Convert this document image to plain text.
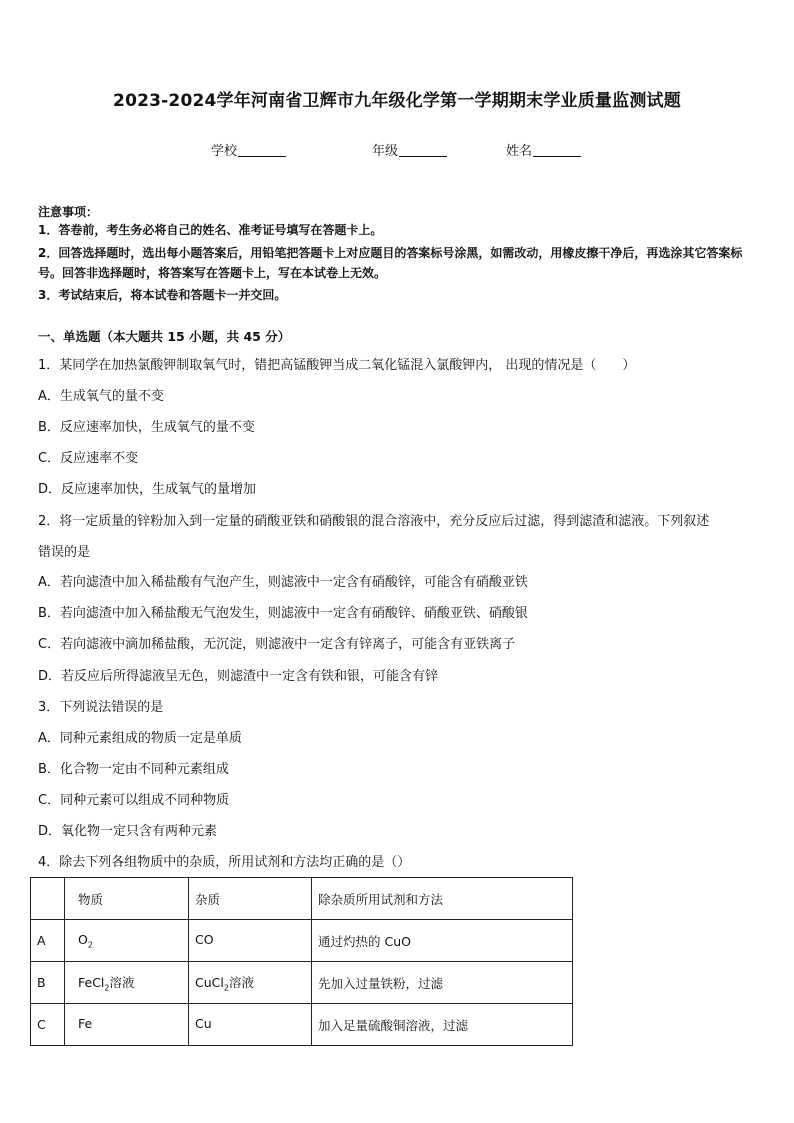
2023-2024学年河南省卫辉市九年级化学第一学期期末学业质量监测试题
学校	年级	姓名
注意事项：
1．答卷前，考生务必将自己的姓名、准考证号填写在答题卡上。
2．回答选择题时，选出每小题答案后，用铅笔把答题卡上对应题目的答案标号涂黑，如需改动，用橡皮擦干净后，再选涂其它答案标号。回答非选择题时，将答案写在答题卡上，写在本试卷上无效。
3．考试结束后，将本试卷和答题卡一并交回。
一、单选题（本大题共 15 小题，共 45 分）
1．某同学在加热氯酸钾制取氧气时，错把高锰酸钾当成二氧化锰混入氯酸钾内， 出现的情况是（　　）
A．生成氧气的量不变
B．反应速率加快，生成氧气的量不变
C．反应速率不变
D．反应速率加快，生成氧气的量增加
2．将一定质量的锌粉加入到一定量的硝酸亚铁和硝酸银的混合溶液中，充分反应后过滤，得到滤渣和滤液。下列叙述
错误的是
A．若向滤渣中加入稀盐酸有气泡产生，则滤液中一定含有硝酸锌，可能含有硝酸亚铁
B．若向滤渣中加入稀盐酸无气泡发生，则滤液中一定含有硝酸锌、硝酸亚铁、硝酸银
C．若向滤液中滴加稀盐酸，无沉淀，则滤液中一定含有锌离子，可能含有亚铁离子
D．若反应后所得滤液呈无色，则滤渣中一定含有铁和银，可能含有锌
3．下列说法错误的是
A．同种元素组成的物质一定是单质
B．化合物一定由不同种元素组成
C．同种元素可以组成不同种物质
D．氧化物一定只含有两种元素
4．除去下列各组物质中的杂质，所用试剂和方法均正确的是（）
	物质	杂质	除杂质所用试剂和方法
A	$O_2$	CO	通过灼热的 CuO
B	FeCl$_2$溶液	CuCl$_2$溶液	先加入过量铁粉，过滤
C	Fe	Cu	加入足量硫酸铜溶液，过滤
